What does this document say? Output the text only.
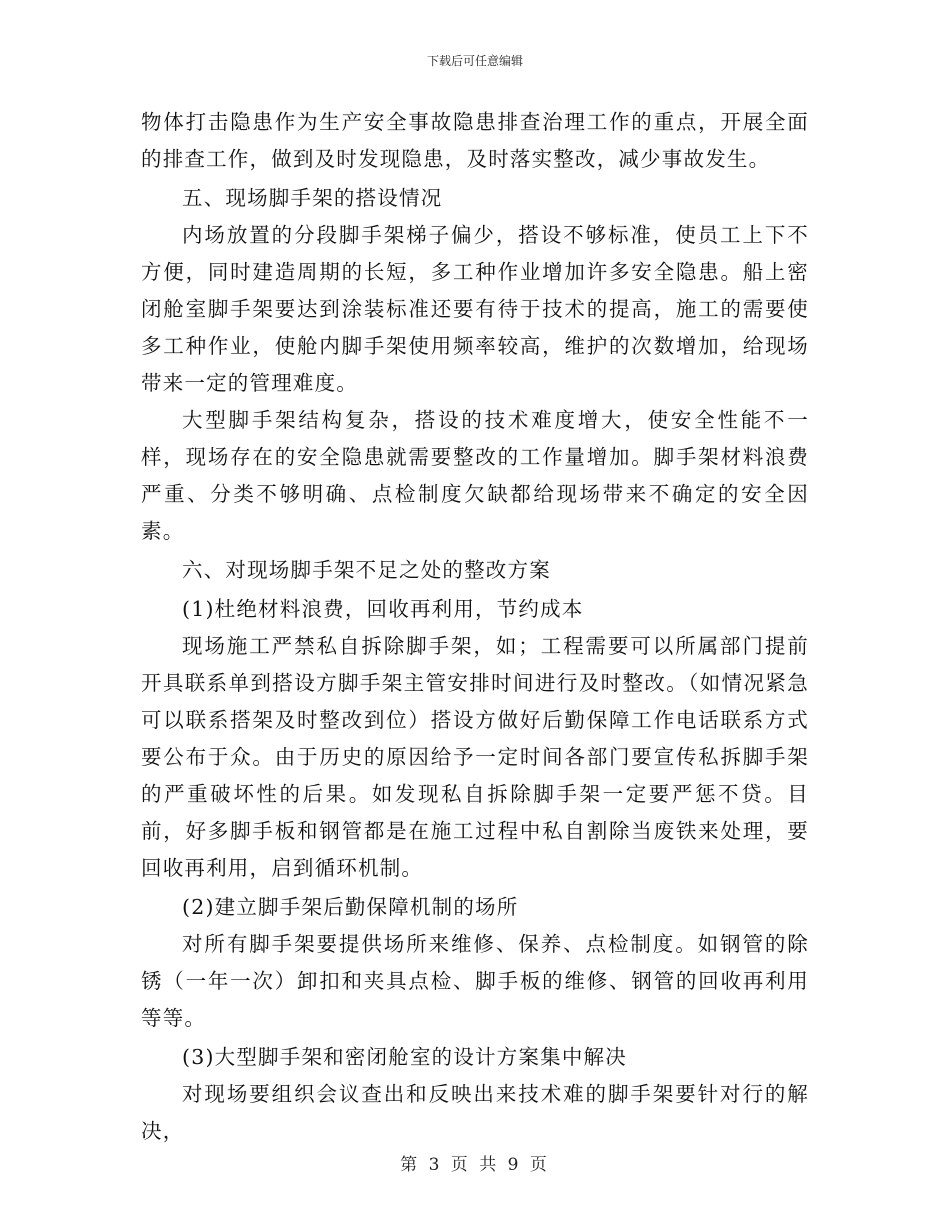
下载后可任意编辑

物体打击隐患作为生产安全事故隐患排查治理工作的重点，开展全面的排查工作，做到及时发现隐患，及时落实整改，减少事故发生。

五、现场脚手架的搭设情况

内场放置的分段脚手架梯子偏少，搭设不够标准，使员工上下不方便，同时建造周期的长短，多工种作业增加许多安全隐患。船上密闭舱室脚手架要达到涂装标准还要有待于技术的提高，施工的需要使多工种作业，使舱内脚手架使用频率较高，维护的次数增加，给现场带来一定的管理难度。

大型脚手架结构复杂，搭设的技术难度增大，使安全性能不一样，现场存在的安全隐患就需要整改的工作量增加。脚手架材料浪费严重、分类不够明确、点检制度欠缺都给现场带来不确定的安全因素。

六、对现场脚手架不足之处的整改方案

(1)杜绝材料浪费，回收再利用，节约成本

现场施工严禁私自拆除脚手架，如；工程需要可以所属部门提前开具联系单到搭设方脚手架主管安排时间进行及时整改。（如情况紧急可以联系搭架及时整改到位）搭设方做好后勤保障工作电话联系方式要公布于众。由于历史的原因给予一定时间各部门要宣传私拆脚手架的严重破坏性的后果。如发现私自拆除脚手架一定要严惩不贷。目前，好多脚手板和钢管都是在施工过程中私自割除当废铁来处理，要回收再利用，启到循环机制。

(2)建立脚手架后勤保障机制的场所

对所有脚手架要提供场所来维修、保养、点检制度。如钢管的除锈（一年一次）卸扣和夹具点检、脚手板的维修、钢管的回收再利用等等。

(3)大型脚手架和密闭舱室的设计方案集中解决

对现场要组织会议查出和反映出来技术难的脚手架要针对行的解决，

第 3 页 共 9 页
